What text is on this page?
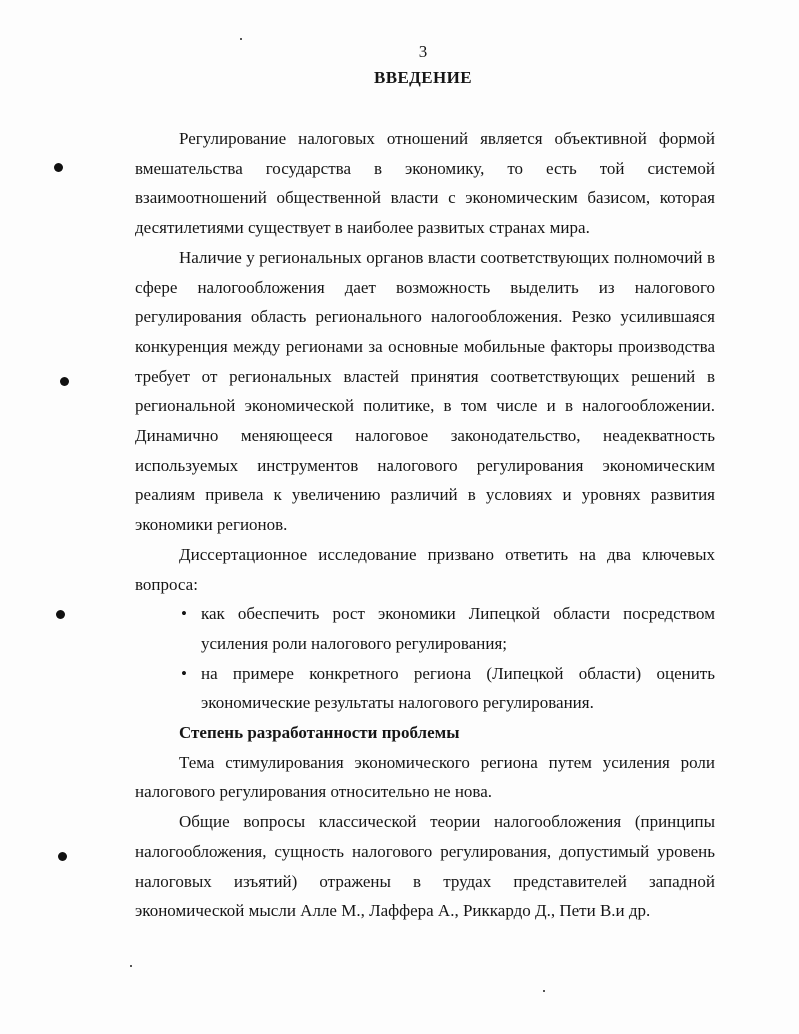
3
ВВЕДЕНИЕ

Регулирование налоговых отношений является объективной формой вмешательства государства в экономику, то есть той системой взаимоотношений общественной власти с экономическим базисом, которая десятилетиями существует в наиболее развитых странах мира.

Наличие у региональных органов власти соответствующих полномочий в сфере налогообложения дает возможность выделить из налогового регулирования область регионального налогообложения. Резко усилившаяся конкуренция между регионами за основные мобильные факторы производства требует от региональных властей принятия соответствующих решений в региональной экономической политике, в том числе и в налогообложении. Динамично меняющееся налоговое законодательство, неадекватность используемых инструментов налогового регулирования экономическим реалиям привела к увеличению различий в условиях и уровнях развития экономики регионов.

Диссертационное исследование призвано ответить на два ключевых вопроса:

• как обеспечить рост экономики Липецкой области посредством усиления роли налогового регулирования;
• на примере конкретного региона (Липецкой области) оценить экономические результаты налогового регулирования.

Степень разработанности проблемы

Тема стимулирования экономического региона путем усиления роли налогового регулирования относительно не нова.

Общие вопросы классической теории налогообложения (принципы налогообложения, сущность налогового регулирования, допустимый уровень налоговых изъятий) отражены в трудах представителей западной экономической мысли Алле М., Лаффера А., Риккардо Д., Пети В.и др.
